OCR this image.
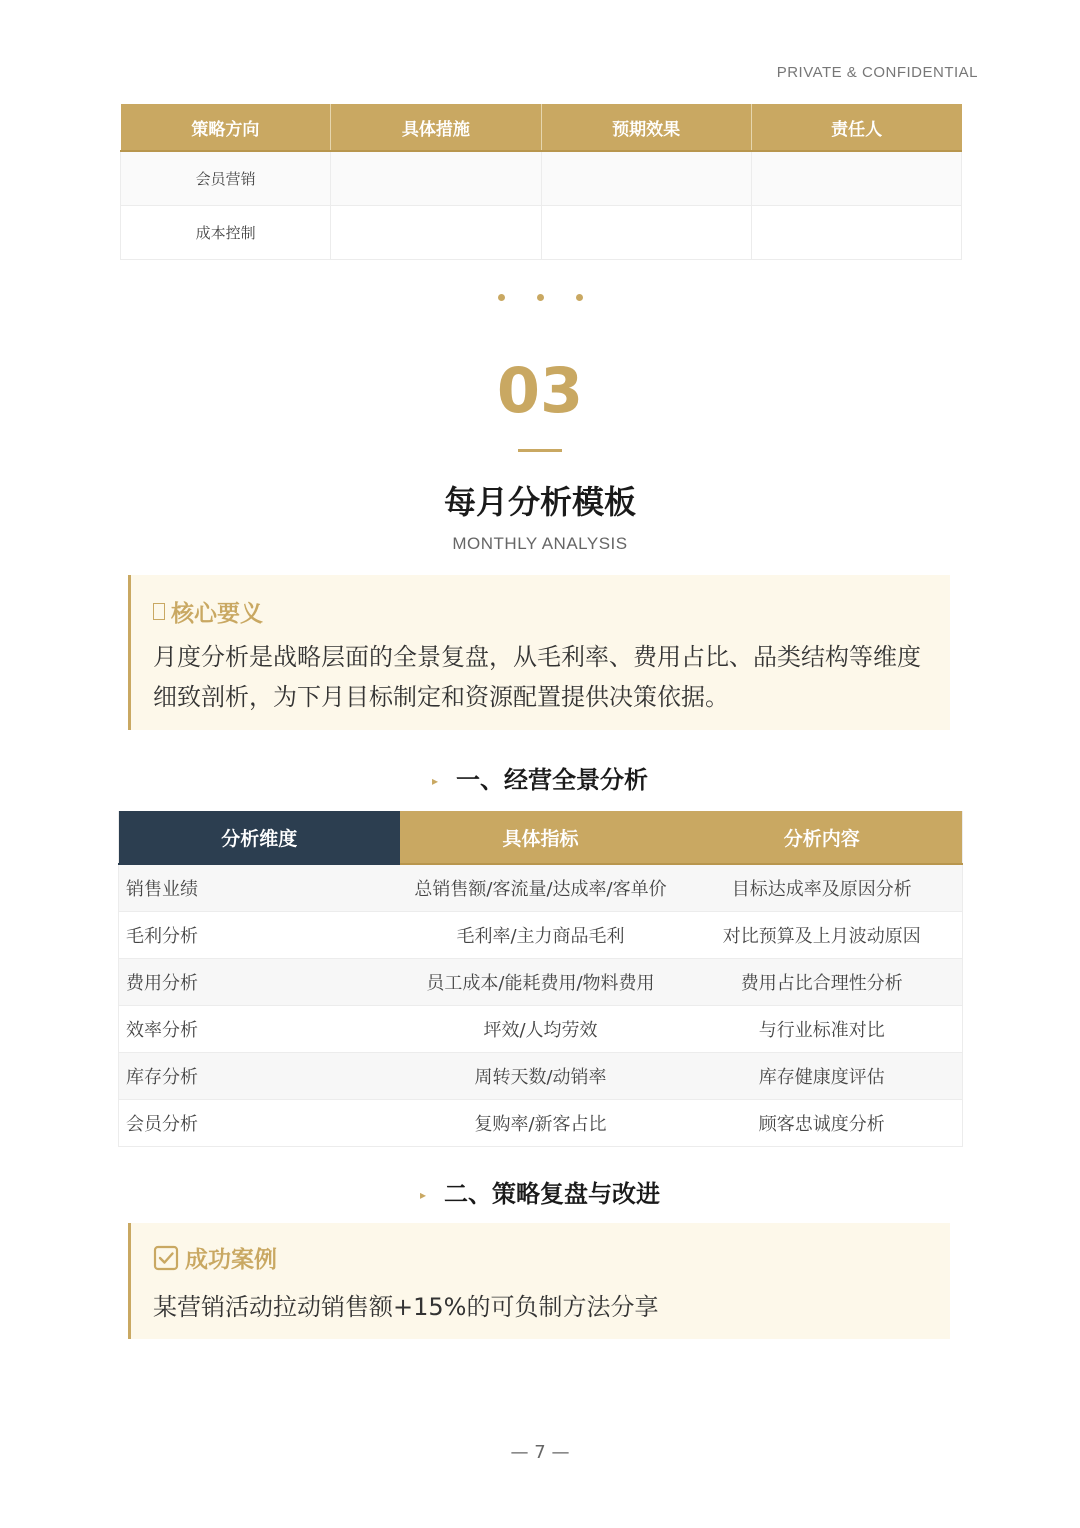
PRIVATE & CONFIDENTIAL
策略方向	具体措施	预期效果	责任人
会员营销			
成本控制			
03
每月分析模板
MONTHLY ANALYSIS
核心要义
月度分析是战略层面的全景复盘，从毛利率、费用占比、品类结构等维度细致剖析，为下月目标制定和资源配置提供决策依据。
▸ 一、经营全景分析
分析维度	具体指标	分析内容
销售业绩	总销售额/客流量/达成率/客单价	目标达成率及原因分析
毛利分析	毛利率/主力商品毛利	对比预算及上月波动原因
费用分析	员工成本/能耗费用/物料费用	费用占比合理性分析
效率分析	坪效/人均劳效	与行业标准对比
库存分析	周转天数/动销率	库存健康度评估
会员分析	复购率/新客占比	顾客忠诚度分析
▸ 二、策略复盘与改进
成功案例
某营销活动拉动销售额+15%的可负制方法分享
— 7 —
